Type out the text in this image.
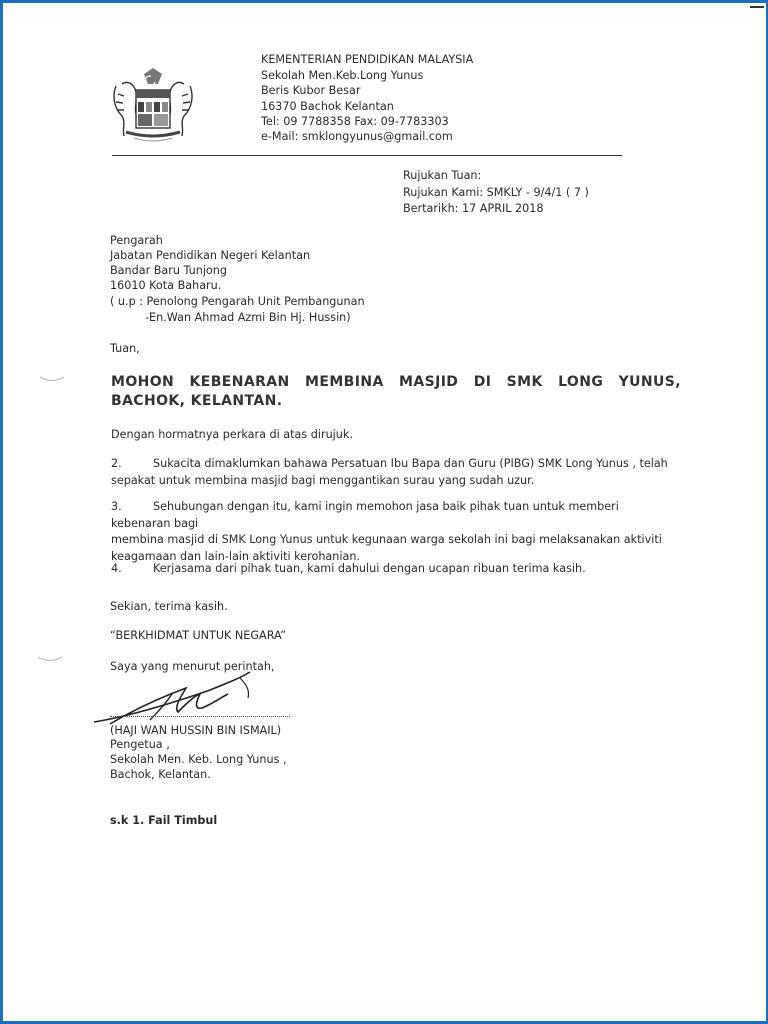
KEMENTERIAN PENDIDIKAN MALAYSIA
Sekolah Men.Keb.Long Yunus
Beris Kubor Besar
16370 Bachok Kelantan
Tel: 09 7788358 Fax: 09-7783303
e-Mail: smklongyunus@gmail.com
Rujukan Tuan:
Rujukan Kami: SMKLY - 9/4/1 ( 7 )
Bertarikh: 17 APRIL 2018
Pengarah
Jabatan Pendidikan Negeri Kelantan
Bandar Baru Tunjong
16010 Kota Baharu.
( u.p : Penolong Pengarah Unit Pembangunan
-En.Wan Ahmad Azmi Bin Hj. Hussin)
Tuan,
MOHON KEBENARAN MEMBINA MASJID DI SMK LONG YUNUS, BACHOK, KELANTAN.
Dengan hormatnya perkara di atas dirujuk.
2.	Sukacita dimaklumkan bahawa Persatuan Ibu Bapa dan Guru (PIBG) SMK Long Yunus , telah
sepakat untuk membina masjid bagi menggantikan surau yang sudah uzur.
3.	Sehubungan dengan itu, kami ingin memohon jasa baik pihak tuan untuk memberi kebenaran bagi
membina masjid di SMK Long Yunus untuk kegunaan warga sekolah ini bagi melaksanakan aktiviti
keagamaan dan lain-lain aktiviti kerohanian.
4.	Kerjasama dari pihak tuan, kami dahului dengan ucapan ribuan terima kasih.
Sekian, terima kasih.
“BERKHIDMAT UNTUK NEGARA”
Saya yang menurut perintah,
(HAJI WAN HUSSIN BIN ISMAIL)
Pengetua ,
Sekolah Men. Keb. Long Yunus ,
Bachok, Kelantan.
s.k 1. Fail Timbul
